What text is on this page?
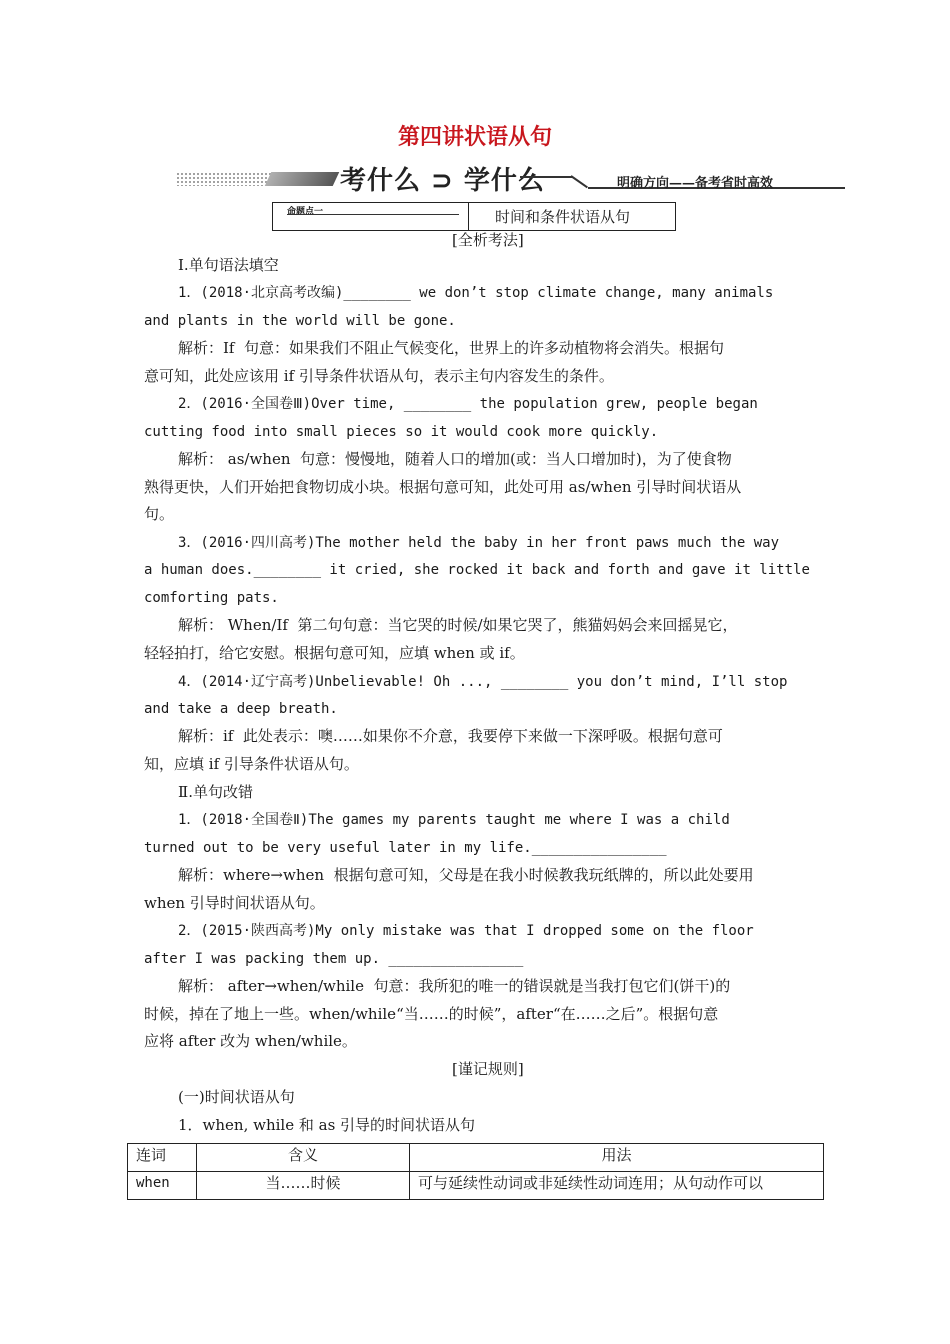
第四讲状语从句
考什么 ⊃ 学什么	明确方向——备考省时高效
命题点一	时间和条件状语从句
[全析考法]
Ⅰ.单句语法填空
1．(2018·北京高考改编)________ we don’t stop climate change, many animals
and plants in the world will be gone.
解析：If  句意：如果我们不阻止气候变化，世界上的许多动植物将会消失。根据句
意可知，此处应该用 if 引导条件状语从句，表示主句内容发生的条件。
2．(2016·全国卷Ⅲ)Over time, ________ the population grew, people began
cutting food into small pieces so it would cook more quickly.
解析： as/when  句意：慢慢地，随着人口的增加(或：当人口增加时)，为了使食物
熟得更快，人们开始把食物切成小块。根据句意可知，此处可用 as/when 引导时间状语从
句。
3．(2016·四川高考)The mother held the baby in her front paws much the way
a human does.________ it cried, she rocked it back and forth and gave it little
comforting pats.
解析： When/If  第二句句意：当它哭的时候/如果它哭了，熊猫妈妈会来回摇晃它，
轻轻拍打，给它安慰。根据句意可知，应填 when 或 if。
4．(2014·辽宁高考)Unbelievable! Oh ..., ________ you don’t mind, I’ll stop
and take a deep breath.
解析：if  此处表示：噢……如果你不介意，我要停下来做一下深呼吸。根据句意可
知，应填 if 引导条件状语从句。
Ⅱ.单句改错
1．(2018·全国卷Ⅱ)The games my parents taught me where I was a child
turned out to be very useful later in my life.________________
解析：where→when  根据句意可知，父母是在我小时候教我玩纸牌的，所以此处要用
when 引导时间状语从句。
2．(2015·陕西高考)My only mistake was that I dropped some on the floor
after I was packing them up. ________________
解析： after→when/while  句意：我所犯的唯一的错误就是当我打包它们(饼干)的
时候，掉在了地上一些。when/while“当……的时候”，after“在……之后”。根据句意
应将 after 改为 when/while。
[谨记规则]
(一)时间状语从句
1．when, while 和 as 引导的时间状语从句
连词	含义	用法
when	当……时候	可与延续性动词或非延续性动词连用；从句动作可以
